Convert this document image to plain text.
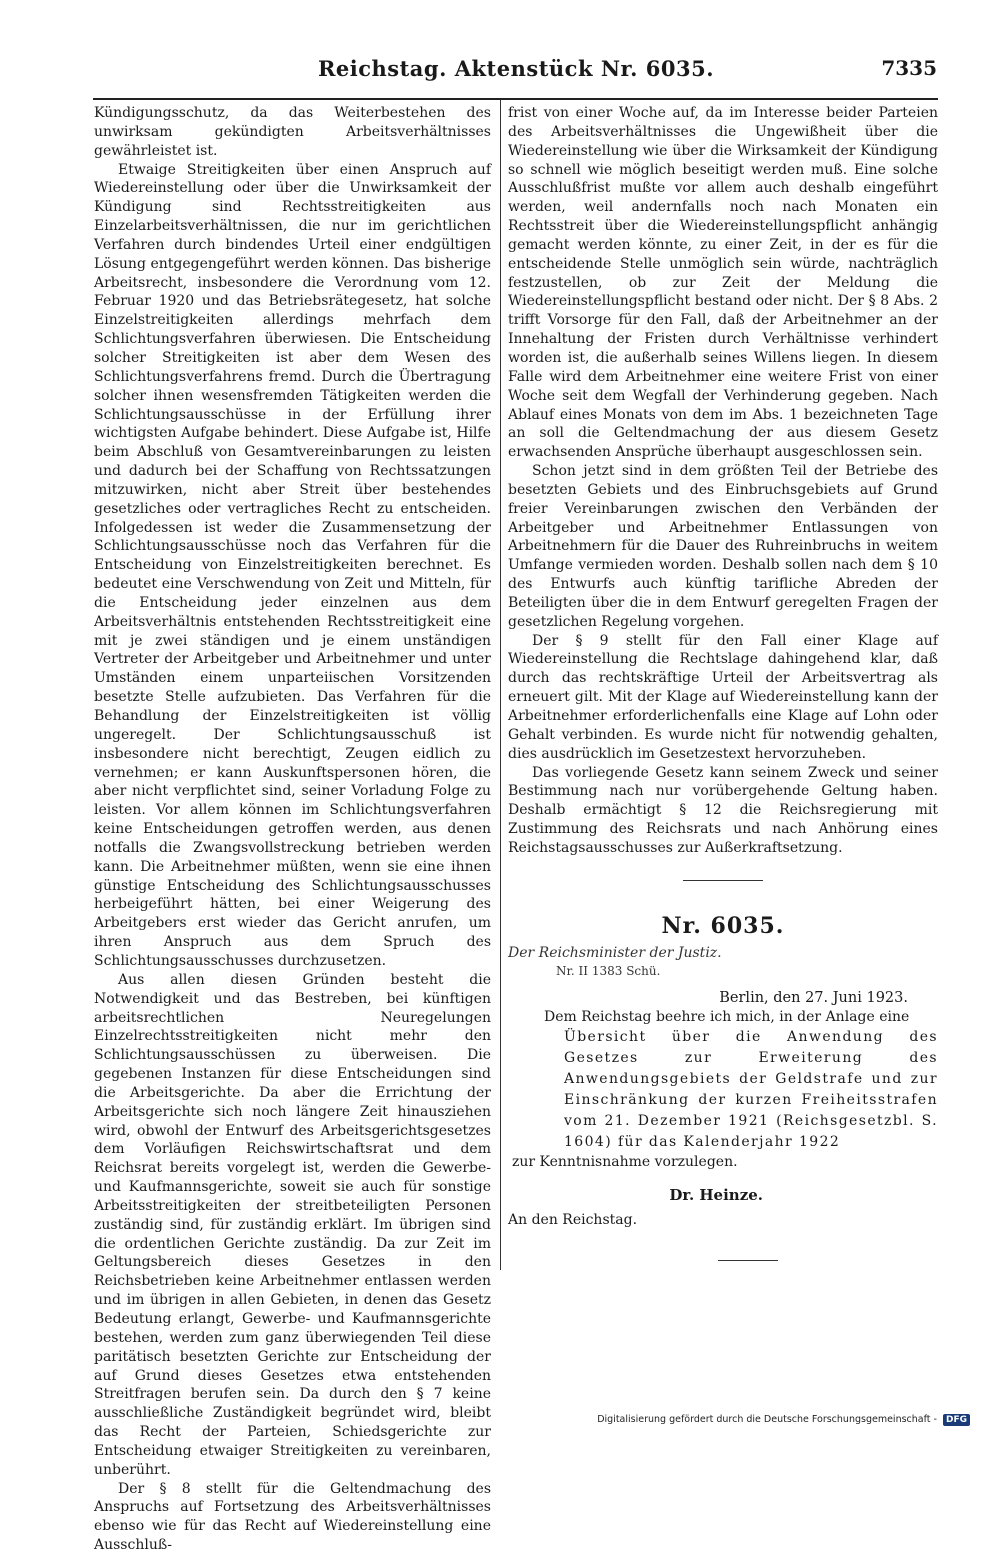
Reichstag. Aktenstück Nr. 6035.	7335

Kündigungsschutz, da das Weiterbestehen des unwirksam gekündigten Arbeitsverhältnisses gewährleistet ist.

Etwaige Streitigkeiten über einen Anspruch auf Wiedereinstellung oder über die Unwirksamkeit der Kündigung sind Rechtsstreitigkeiten aus Einzelarbeitsverhältnissen, die nur im gerichtlichen Verfahren durch bindendes Urteil einer endgültigen Lösung entgegengeführt werden können. Das bisherige Arbeitsrecht, insbesondere die Verordnung vom 12. Februar 1920 und das Betriebsrätegesetz, hat solche Einzelstreitigkeiten allerdings mehrfach dem Schlichtungsverfahren überwiesen. Die Entscheidung solcher Streitigkeiten ist aber dem Wesen des Schlichtungsverfahrens fremd. Durch die Übertragung solcher ihnen wesensfremden Tätigkeiten werden die Schlichtungsausschüsse in der Erfüllung ihrer wichtigsten Aufgabe behindert. Diese Aufgabe ist, Hilfe beim Abschluß von Gesamtvereinbarungen zu leisten und dadurch bei der Schaffung von Rechtssatzungen mitzuwirken, nicht aber Streit über bestehendes gesetzliches oder vertragliches Recht zu entscheiden. Infolgedessen ist weder die Zusammensetzung der Schlichtungsausschüsse noch das Verfahren für die Entscheidung von Einzelstreitigkeiten berechnet. Es bedeutet eine Verschwendung von Zeit und Mitteln, für die Entscheidung jeder einzelnen aus dem Arbeitsverhältnis entstehenden Rechtsstreitigkeit eine mit je zwei ständigen und je einem unständigen Vertreter der Arbeitgeber und Arbeitnehmer und unter Umständen einem unparteiischen Vorsitzenden besetzte Stelle aufzubieten. Das Verfahren für die Behandlung der Einzelstreitigkeiten ist völlig ungeregelt. Der Schlichtungsausschuß ist insbesondere nicht berechtigt, Zeugen eidlich zu vernehmen; er kann Auskunftspersonen hören, die aber nicht verpflichtet sind, seiner Vorladung Folge zu leisten. Vor allem können im Schlichtungsverfahren keine Entscheidungen getroffen werden, aus denen notfalls die Zwangsvollstreckung betrieben werden kann. Die Arbeitnehmer müßten, wenn sie eine ihnen günstige Entscheidung des Schlichtungsausschusses herbeigeführt hätten, bei einer Weigerung des Arbeitgebers erst wieder das Gericht anrufen, um ihren Anspruch aus dem Spruch des Schlichtungsausschusses durchzusetzen.

Aus allen diesen Gründen besteht die Notwendigkeit und das Bestreben, bei künftigen arbeitsrechtlichen Neuregelungen Einzelrechtsstreitigkeiten nicht mehr den Schlichtungsausschüssen zu überweisen. Die gegebenen Instanzen für diese Entscheidungen sind die Arbeitsgerichte. Da aber die Errichtung der Arbeitsgerichte sich noch längere Zeit hinausziehen wird, obwohl der Entwurf des Arbeitsgerichtsgesetzes dem Vorläufigen Reichswirtschaftsrat und dem Reichsrat bereits vorgelegt ist, werden die Gewerbe- und Kaufmannsgerichte, soweit sie auch für sonstige Arbeitsstreitigkeiten der streitbeteiligten Personen zuständig sind, für zuständig erklärt. Im übrigen sind die ordentlichen Gerichte zuständig. Da zur Zeit im Geltungsbereich dieses Gesetzes in den Reichsbetrieben keine Arbeitnehmer entlassen werden und im übrigen in allen Gebieten, in denen das Gesetz Bedeutung erlangt, Gewerbe- und Kaufmannsgerichte bestehen, werden zum ganz überwiegenden Teil diese paritätisch besetzten Gerichte zur Entscheidung der auf Grund dieses Gesetzes etwa entstehenden Streitfragen berufen sein. Da durch den § 7 keine ausschließliche Zuständigkeit begründet wird, bleibt das Recht der Parteien, Schiedsgerichte zur Entscheidung etwaiger Streitigkeiten zu vereinbaren, unberührt.

Der § 8 stellt für die Geltendmachung des Anspruchs auf Fortsetzung des Arbeitsverhältnisses ebenso wie für das Recht auf Wiedereinstellung eine Ausschluß-

frist von einer Woche auf, da im Interesse beider Parteien des Arbeitsverhältnisses die Ungewißheit über die Wiedereinstellung wie über die Wirksamkeit der Kündigung so schnell wie möglich beseitigt werden muß. Eine solche Ausschlußfrist mußte vor allem auch deshalb eingeführt werden, weil andernfalls noch nach Monaten ein Rechtsstreit über die Wiedereinstellungspflicht anhängig gemacht werden könnte, zu einer Zeit, in der es für die entscheidende Stelle unmöglich sein würde, nachträglich festzustellen, ob zur Zeit der Meldung die Wiedereinstellungspflicht bestand oder nicht. Der § 8 Abs. 2 trifft Vorsorge für den Fall, daß der Arbeitnehmer an der Innehaltung der Fristen durch Verhältnisse verhindert worden ist, die außerhalb seines Willens liegen. In diesem Falle wird dem Arbeitnehmer eine weitere Frist von einer Woche seit dem Wegfall der Verhinderung gegeben. Nach Ablauf eines Monats von dem im Abs. 1 bezeichneten Tage an soll die Geltendmachung der aus diesem Gesetz erwachsenden Ansprüche überhaupt ausgeschlossen sein.

Schon jetzt sind in dem größten Teil der Betriebe des besetzten Gebiets und des Einbruchsgebiets auf Grund freier Vereinbarungen zwischen den Verbänden der Arbeitgeber und Arbeitnehmer Entlassungen von Arbeitnehmern für die Dauer des Ruhreinbruchs in weitem Umfange vermieden worden. Deshalb sollen nach dem § 10 des Entwurfs auch künftig tarifliche Abreden der Beteiligten über die in dem Entwurf geregelten Fragen der gesetzlichen Regelung vorgehen.

Der § 9 stellt für den Fall einer Klage auf Wiedereinstellung die Rechtslage dahingehend klar, daß durch das rechtskräftige Urteil der Arbeitsvertrag als erneuert gilt. Mit der Klage auf Wiedereinstellung kann der Arbeitnehmer erforderlichenfalls eine Klage auf Lohn oder Gehalt verbinden. Es wurde nicht für notwendig gehalten, dies ausdrücklich im Gesetzestext hervorzuheben.

Das vorliegende Gesetz kann seinem Zweck und seiner Bestimmung nach nur vorübergehende Geltung haben. Deshalb ermächtigt § 12 die Reichsregierung mit Zustimmung des Reichsrats und nach Anhörung eines Reichstagsausschusses zur Außerkraftsetzung.

Nr. 6035.
Der Reichsminister der Justiz.
Nr. II 1383 Schü.
Berlin, den 27. Juni 1923.

Dem Reichstag beehre ich mich, in der Anlage eine

Übersicht über die Anwendung des Gesetzes zur Erweiterung des Anwendungsgebiets der Geldstrafe und zur Einschränkung der kurzen Freiheitsstrafen vom 21. Dezember 1921 (Reichsgesetzbl. S. 1604) für das Kalenderjahr 1922

zur Kenntnisnahme vorzulegen.

Dr. Heinze.
An den Reichstag.
Digitalisierung gefördert durch die Deutsche Forschungsgemeinschaft - DFG
